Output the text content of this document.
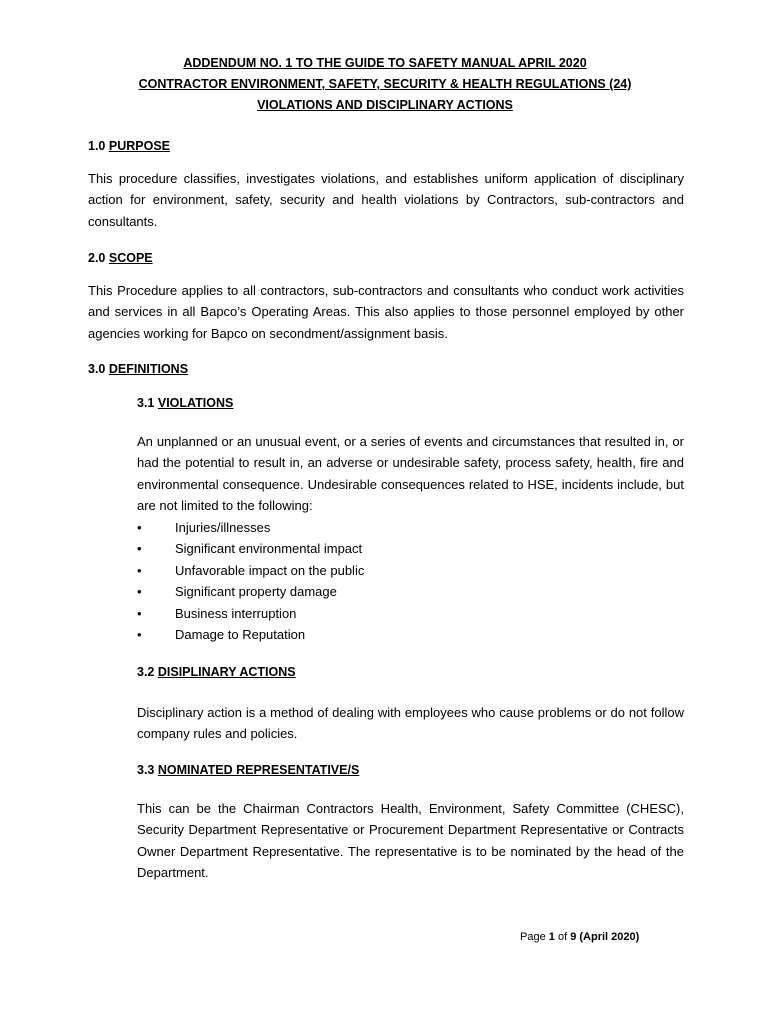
ADDENDUM NO. 1 TO THE GUIDE TO SAFETY MANUAL APRIL 2020
CONTRACTOR ENVIRONMENT, SAFETY, SECURITY & HEALTH REGULATIONS (24)
VIOLATIONS AND DISCIPLINARY ACTIONS
1.0 PURPOSE

This procedure classifies, investigates violations, and establishes uniform application of disciplinary action for environment, safety, security and health violations by Contractors, sub-contractors and consultants.

2.0 SCOPE

This Procedure applies to all contractors, sub-contractors and consultants who conduct work activities and services in all Bapco’s Operating Areas. This also applies to those personnel employed by other agencies working for Bapco on secondment/assignment basis.

3.0 DEFINITIONS
3.1 VIOLATIONS

An unplanned or an unusual event, or a series of events and circumstances that resulted in, or had the potential to result in, an adverse or undesirable safety, process safety, health, fire and environmental consequence. Undesirable consequences related to HSE, incidents include, but are not limited to the following:

•	Injuries/illnesses
•	Significant environmental impact
•	Unfavorable impact on the public
•	Significant property damage
•	Business interruption
•	Damage to Reputation
3.2 DISIPLINARY ACTIONS

Disciplinary action is a method of dealing with employees who cause problems or do not follow company rules and policies.

3.3 NOMINATED REPRESENTATIVE/S

This can be the Chairman Contractors Health, Environment, Safety Committee (CHESC), Security Department Representative or Procurement Department Representative or Contracts Owner Department Representative. The representative is to be nominated by the head of the Department.

Page 1 of 9 (April 2020)
